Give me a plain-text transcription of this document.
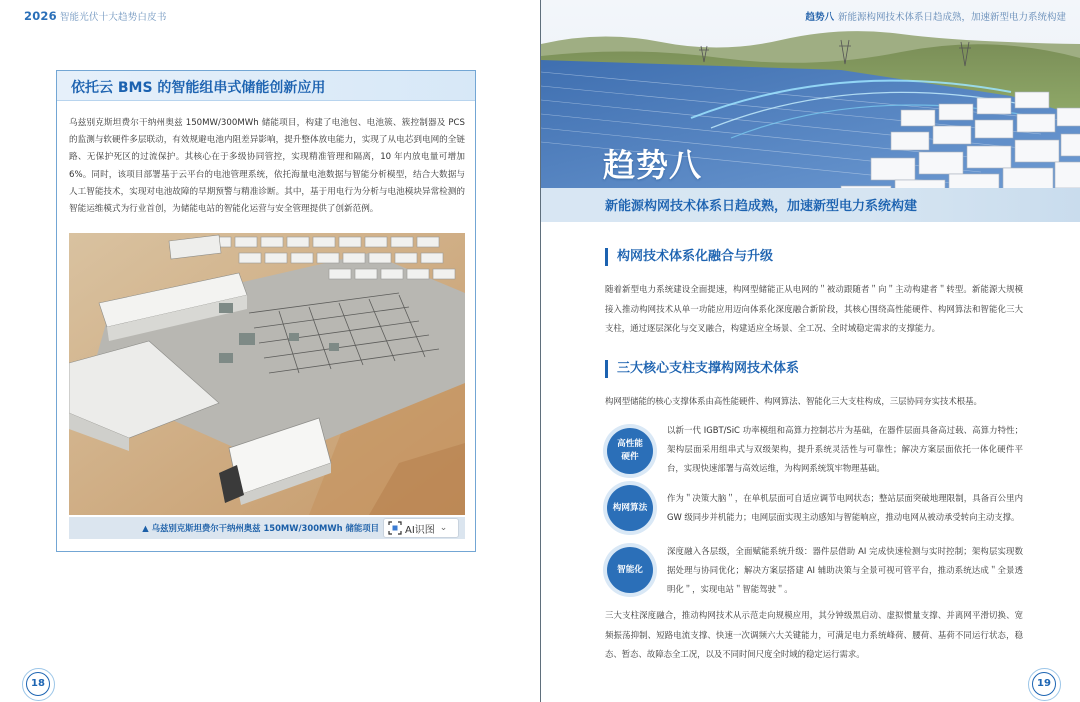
2026 智能光伏十大趋势白皮书
依托云 BMS 的智能组串式储能创新应用
乌兹别克斯坦费尔干纳州奥兹 150MW/300MWh 储能项目，构建了电池包、电池簇、簇控制器及 PCS 的监测与软硬件多层联动，有效规避电池内阻差异影响，提升整体放电能力，实现了从电芯到电网的全链路、无保护死区的过流保护。其核心在于多级协同管控，实现精准管理和隔离，10 年内放电量可增加 6%。同时，该项目部署基于云平台的电池管理系统，依托海量电池数据与智能分析模型，结合大数据与人工智能技术，实现对电池故障的早期预警与精准诊断。其中，基于用电行为分析与电池模块异常检测的智能运维模式为行业首创，为储能电站的智能化运营与安全管理提供了创新范例。
▲ 乌兹别克斯坦费尔干纳州奥兹 150MW/300MWh 储能项目	AI识图 ⌄
18
趋势八 新能源构网技术体系日趋成熟，加速新型电力系统构建
趋势八
新能源构网技术体系日趋成熟，加速新型电力系统构建
构网技术体系化融合与升级
随着新型电力系统建设全面提速，构网型储能正从电网的＂被动跟随者＂向＂主动构建者＂转型。新能源大规模接入推动构网技术从单一功能应用迈向体系化深度融合新阶段，其核心围绕高性能硬件、构网算法和智能化三大支柱，通过逐层深化与交叉融合，构建适应全场景、全工况、全时域稳定需求的支撑能力。
三大核心支柱支撑构网技术体系
构网型储能的核心支撑体系由高性能硬件、构网算法、智能化三大支柱构成，三层协同夯实技术根基。
高性能
硬件
以新一代 IGBT/SiC 功率模组和高算力控制芯片为基础，在器件层面具备高过载、高算力特性；架构层面采用组串式与双级架构，提升系统灵活性与可靠性；解决方案层面依托一体化硬件平台，实现快速部署与高效运维，为构网系统筑牢物理基础。
构网算法
作为＂决策大脑＂，在单机层面可自适应调节电网状态；整站层面突破地理限制，具备百公里内 GW 级同步并机能力；电网层面实现主动感知与智能响应，推动电网从被动承受转向主动支撑。
智能化
深度融入各层级，全面赋能系统升级：器件层借助 AI 完成快速检测与实时控制；架构层实现数据处理与协同优化；解决方案层搭建 AI 辅助决策与全景可视可管平台，推动系统达成＂全景透明化＂，实现电站＂智能驾驶＂。
三大支柱深度融合，推动构网技术从示范走向规模应用，其分钟级黑启动、虚拟惯量支撑、并离网平滑切换、宽频振荡抑制、短路电流支撑、快速一次调频六大关键能力，可满足电力系统峰荷、腰荷、基荷不同运行状态，稳态、暂态、故障态全工况，以及不同时间尺度全时域的稳定运行需求。
19
